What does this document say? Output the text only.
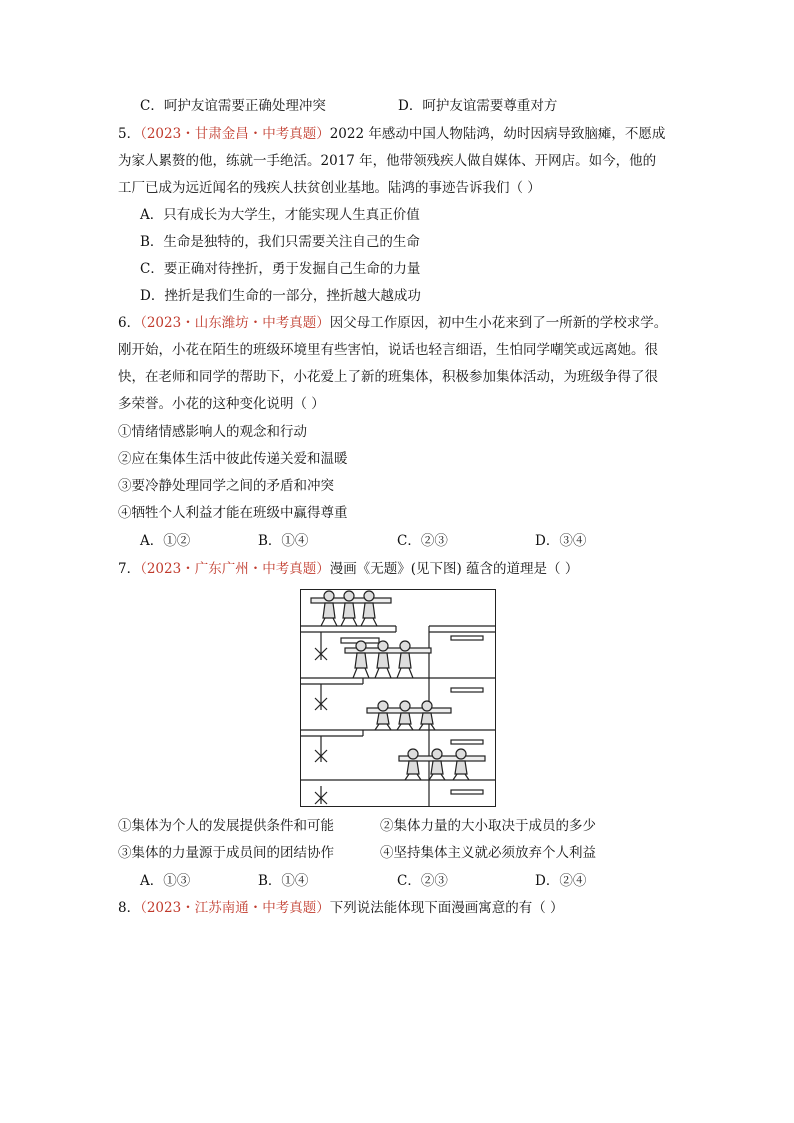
C．呵护友谊需要正确处理冲突	D．呵护友谊需要尊重对方
5．（2023・甘肃金昌・中考真题）2022 年感动中国人物陆鸿，幼时因病导致脑瘫，不愿成
为家人累赘的他，练就一手绝活。2017 年，他带领残疾人做自媒体、开网店。如今，他的
工厂已成为远近闻名的残疾人扶贫创业基地。陆鸿的事迹告诉我们（ ）
A．只有成长为大学生，才能实现人生真正价值
B．生命是独特的，我们只需要关注自己的生命
C．要正确对待挫折，勇于发掘自己生命的力量
D．挫折是我们生命的一部分，挫折越大越成功
6．（2023・山东潍坊・中考真题）因父母工作原因，初中生小花来到了一所新的学校求学。
刚开始，小花在陌生的班级环境里有些害怕，说话也轻言细语，生怕同学嘲笑或远离她。很
快，在老师和同学的帮助下，小花爱上了新的班集体，积极参加集体活动，为班级争得了很
多荣誉。小花的这种变化说明（ ）
①情绪情感影响人的观念和行动
②应在集体生活中彼此传递关爱和温暖
③要冷静处理同学之间的矛盾和冲突
④牺牲个人利益才能在班级中赢得尊重
A．①②	B．①④	C．②③	D．③④
7．（2023・广东广州・中考真题）漫画《无题》(见下图) 蕴含的道理是（ ）
①集体为个人的发展提供条件和可能	②集体力量的大小取决于成员的多少
③集体的力量源于成员间的团结协作	④坚持集体主义就必须放弃个人利益
A．①③	B．①④	C．②③	D．②④
8．（2023・江苏南通・中考真题）下列说法能体现下面漫画寓意的有（ ）
